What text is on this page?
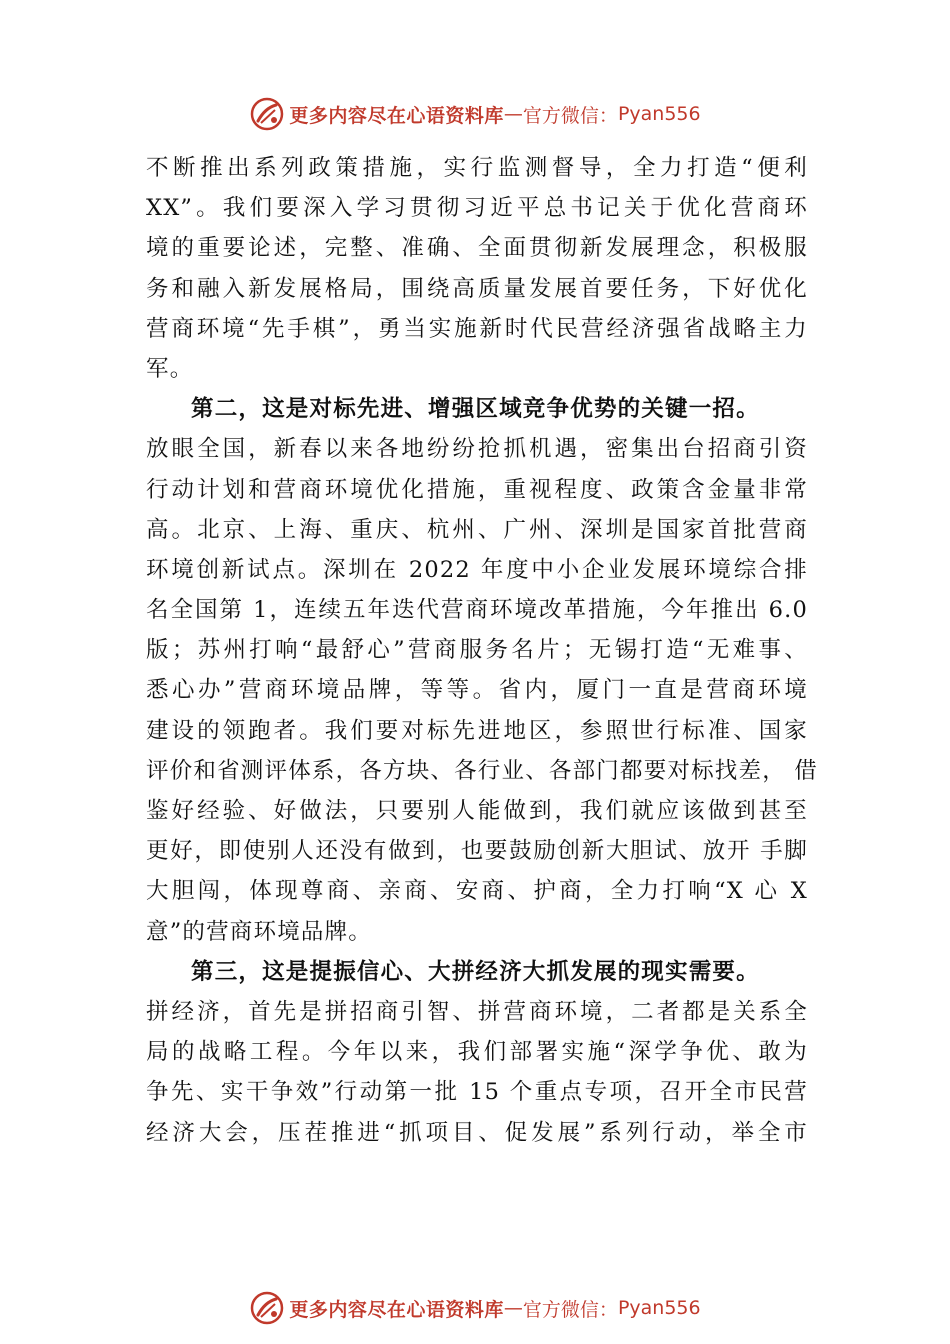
更多内容尽在心语资料库 — 官方微信： Pyan556
不断推出系列政策措施，实行监测督导，全力打造“便利
XX”。我们要深入学习贯彻习近平总书记关于优化营商环
境的重要论述，完整、准确、全面贯彻新发展理念，积极服
务和融入新发展格局，围绕高质量发展首要任务，下好优化
营商环境“先手棋”，勇当实施新时代民营经济强省战略主力
军。
第二，这是对标先进、增强区域竞争优势的关键一招。
放眼全国，新春以来各地纷纷抢抓机遇，密集出台招商引资
行动计划和营商环境优化措施，重视程度、政策含金量非常
高。北京、上海、重庆、杭州、广州、深圳是国家首批营商
环境创新试点。深圳在 2022 年度中小企业发展环境综合排
名全国第 1，连续五年迭代营商环境改革措施，今年推出 6.0
版；苏州打响“最舒心”营商服务名片；无锡打造“无难事、
悉心办”营商环境品牌，等等。省内，厦门一直是营商环境
建设的领跑者。我们要对标先进地区，参照世行标准、国家
评价和省测评体系，各方块、各行业、各部门都要对标找差， 借
鉴好经验、好做法，只要别人能做到，我们就应该做到甚至
更好，即使别人还没有做到，也要鼓励创新大胆试、放开 手脚
大胆闯，体现尊商、亲商、安商、护商，全力打响“X 心 X
意”的营商环境品牌。
第三，这是提振信心、大拼经济大抓发展的现实需要。
拼经济，首先是拼招商引智、拼营商环境，二者都是关系全
局的战略工程。今年以来，我们部署实施“深学争优、敢为
争先、实干争效”行动第一批 15 个重点专项，召开全市民营
经济大会，压茬推进“抓项目、促发展”系列行动，举全市
更多内容尽在心语资料库 — 官方微信： Pyan556
